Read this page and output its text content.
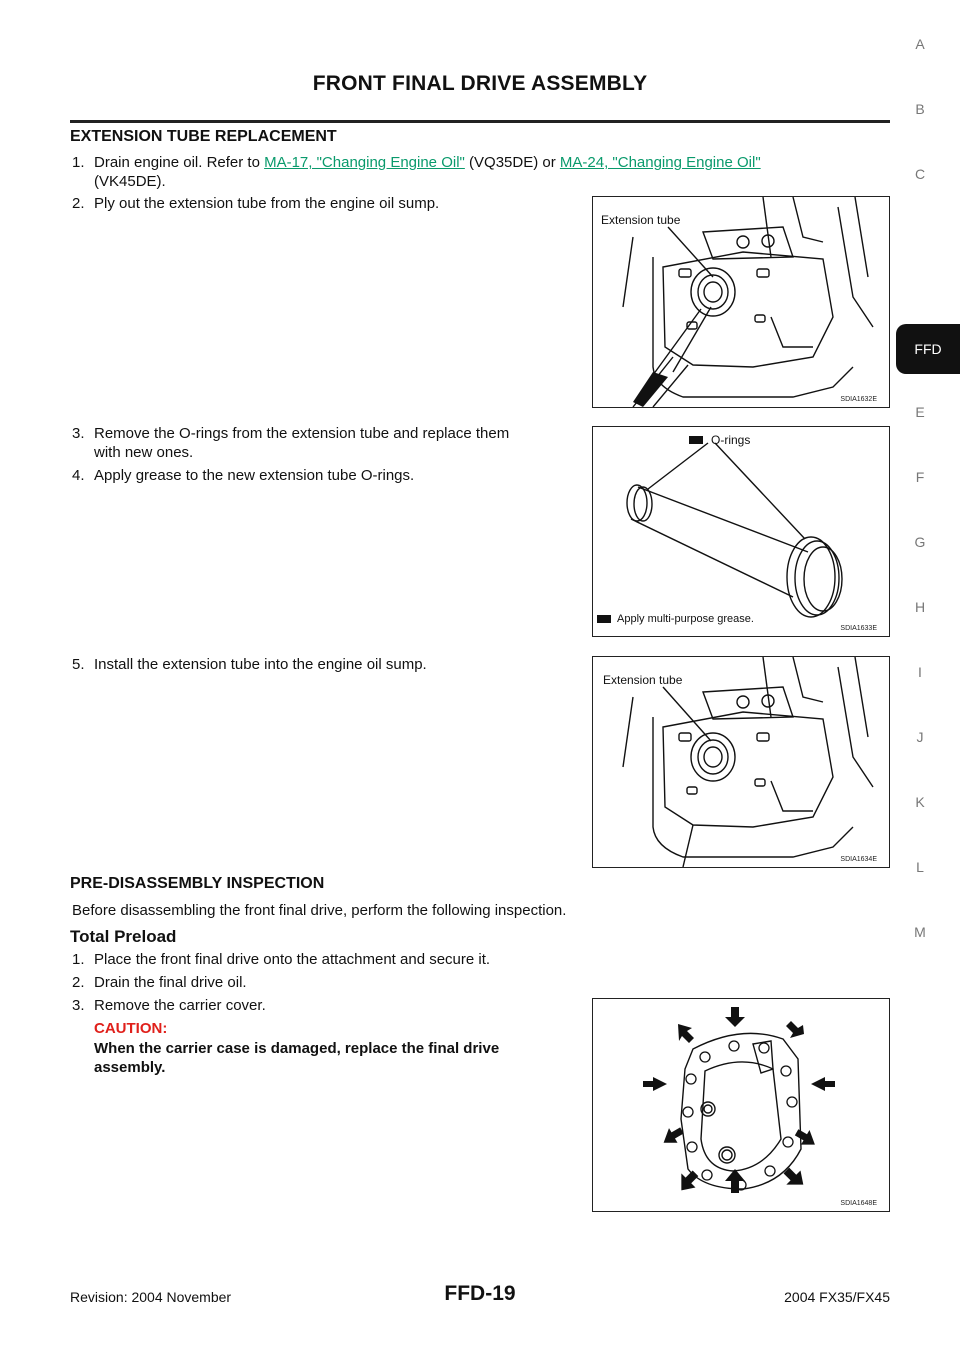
FRONT FINAL DRIVE ASSEMBLY
EXTENSION TUBE REPLACEMENT
1. Drain engine oil. Refer to MA-17, "Changing Engine Oil" (VQ35DE) or MA-24, "Changing Engine Oil"
(VK45DE).
2. Ply out the extension tube from the engine oil sump.
Extension tube
SDIA1632E
3. Remove the O-rings from the extension tube and replace them
with new ones.
4. Apply grease to the new extension tube O-rings.
O-rings
Apply multi-purpose grease.
SDIA1633E
5. Install the extension tube into the engine oil sump.
Extension tube
SDIA1634E
PRE-DISASSEMBLY INSPECTION
Before disassembling the front final drive, perform the following inspection.
Total Preload
1. Place the front final drive onto the attachment and secure it.
2. Drain the final drive oil.
3. Remove the carrier cover.
CAUTION:
When the carrier case is damaged, replace the final drive
assembly.
SDIA1648E
A
B
C
FFD
E
F
G
H
I
J
K
L
M
Revision: 2004 November	FFD-19	2004 FX35/FX45
